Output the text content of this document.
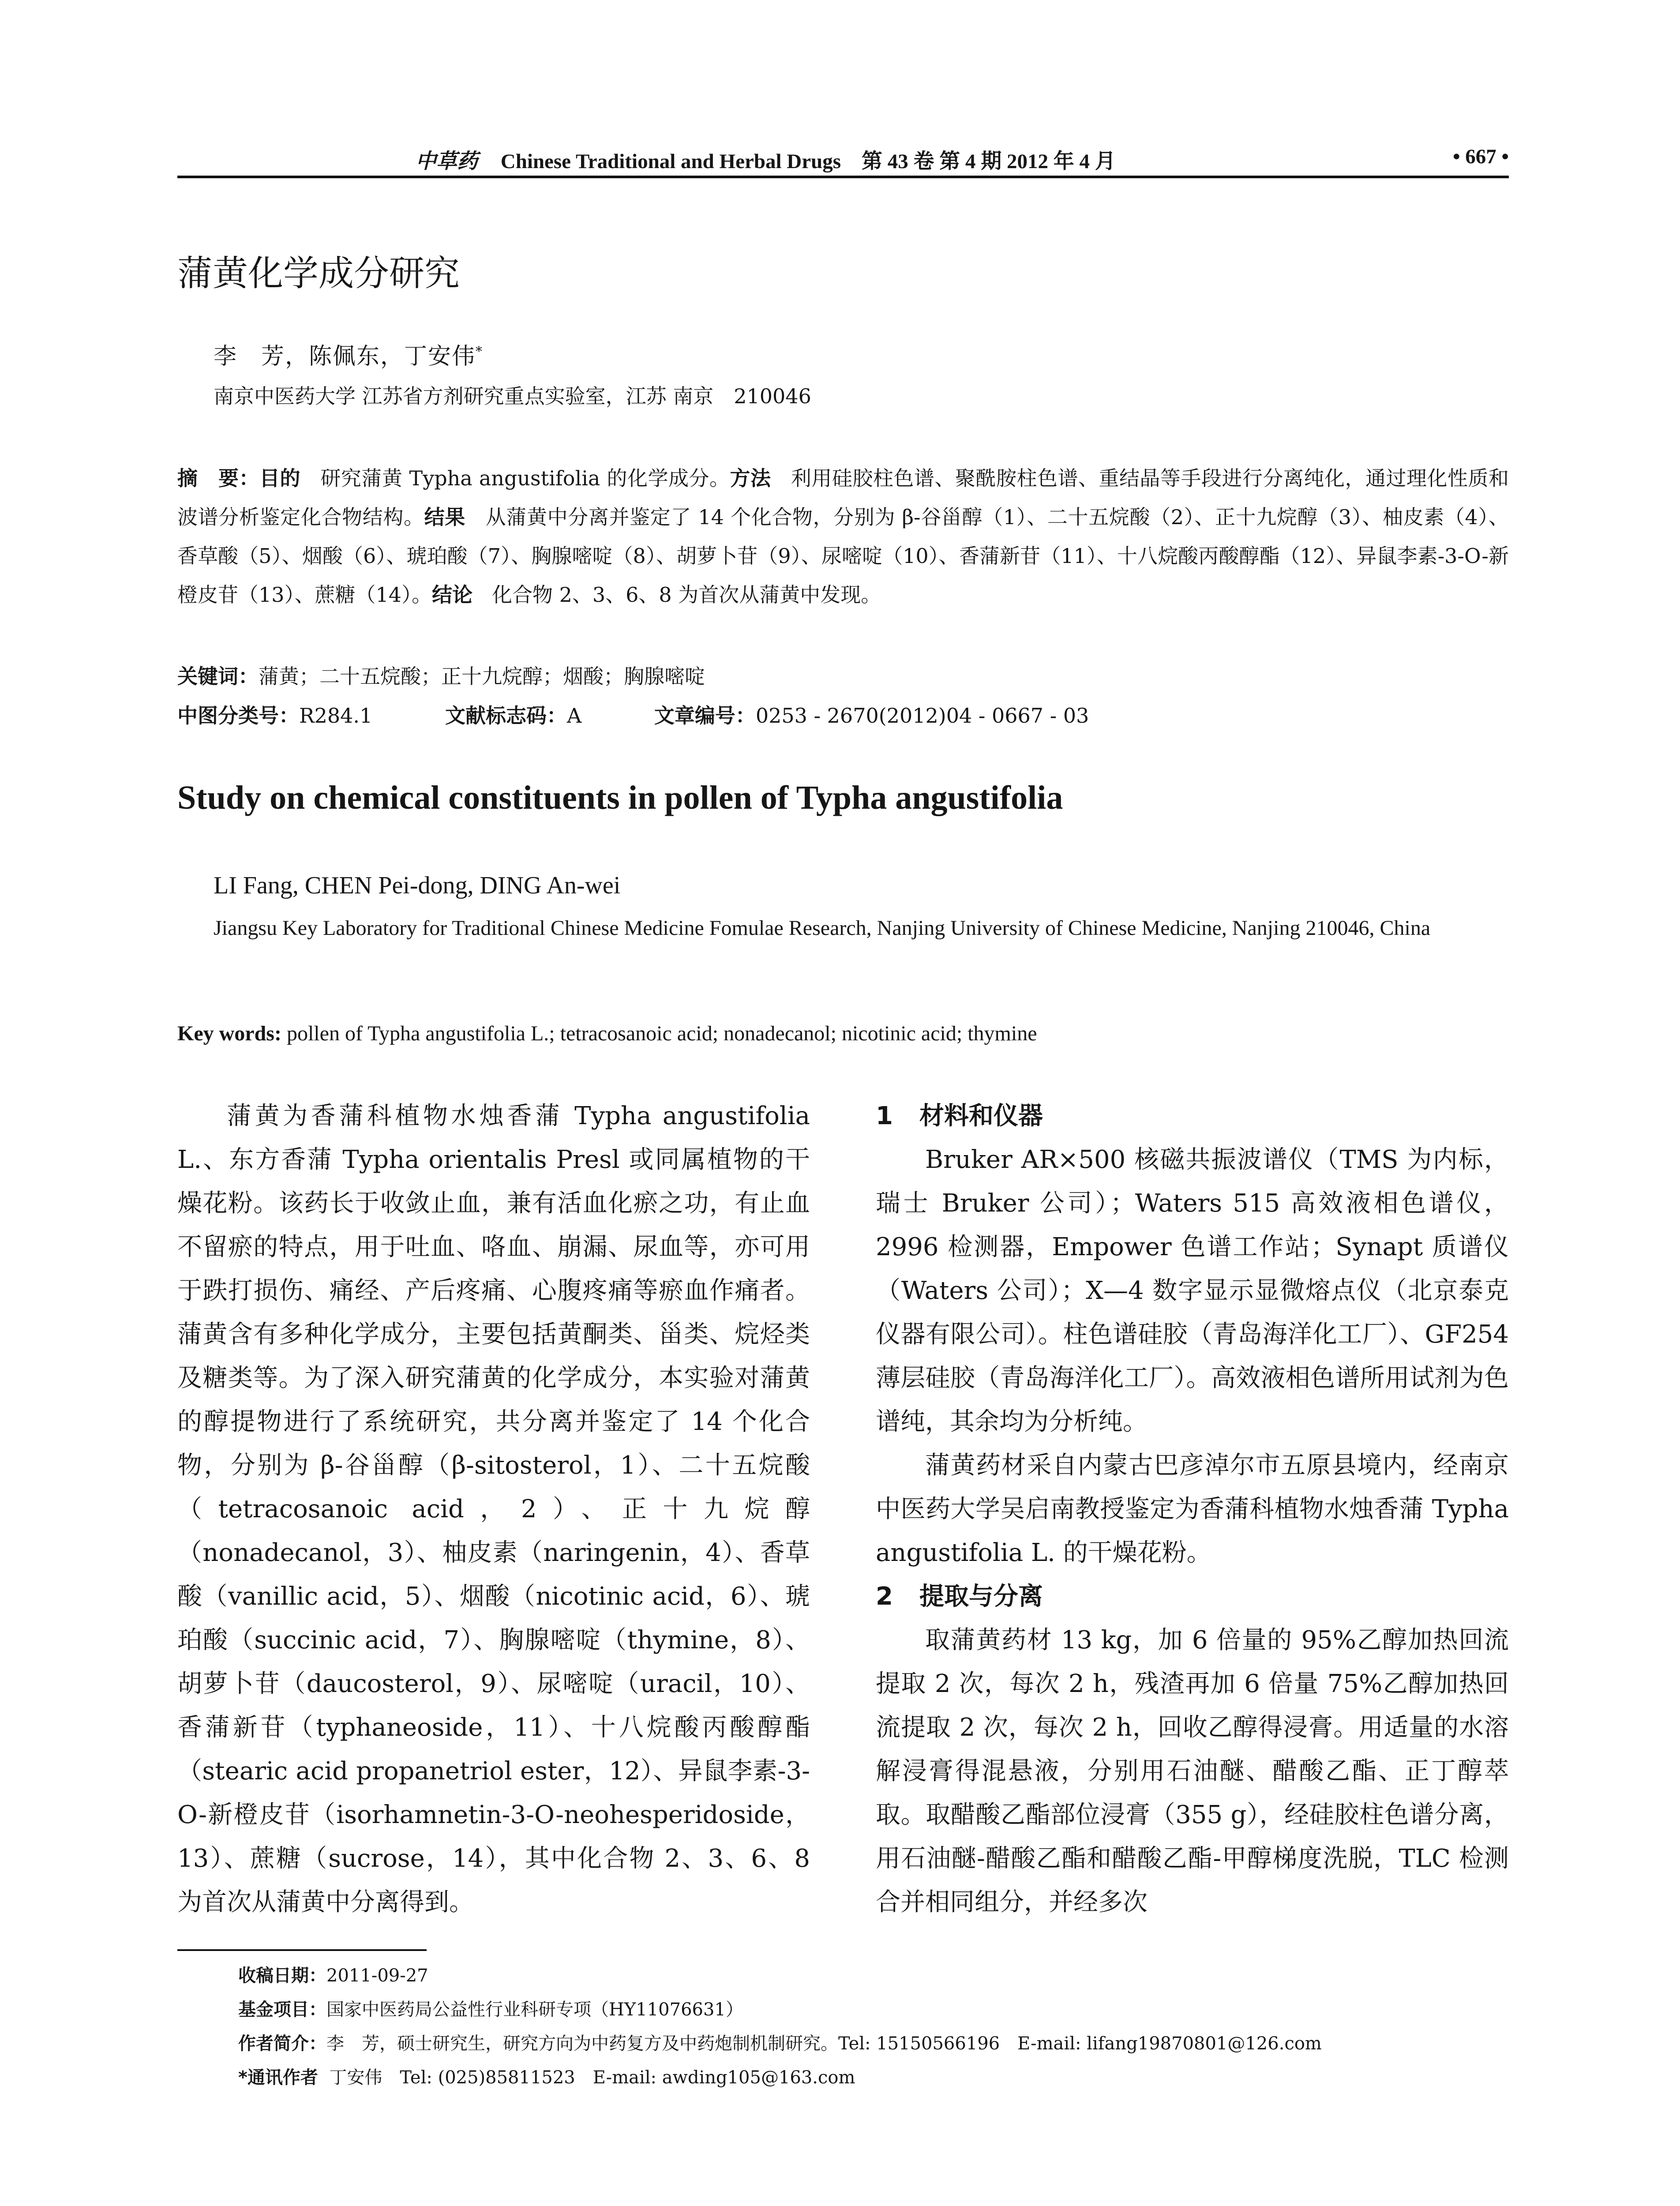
中草药 Chinese Traditional and Herbal Drugs 第 43 卷 第 4 期 2012 年 4 月	• 667 •
蒲黄化学成分研究
李　芳，陈佩东，丁安伟*
南京中医药大学 江苏省方剂研究重点实验室，江苏 南京　210046
摘　要：目的 研究蒲黄 Typha angustifolia 的化学成分。方法 利用硅胶柱色谱、聚酰胺柱色谱、重结晶等手段进行分离纯化，通过理化性质和波谱分析鉴定化合物结构。结果 从蒲黄中分离并鉴定了 14 个化合物，分别为 β-谷甾醇（1）、二十五烷酸（2）、正十九烷醇（3）、柚皮素（4）、香草酸（5）、烟酸（6）、琥珀酸（7）、胸腺嘧啶（8）、胡萝卜苷（9）、尿嘧啶（10）、香蒲新苷（11）、十八烷酸丙酸醇酯（12）、异鼠李素-3-O-新橙皮苷（13）、蔗糖（14）。结论 化合物 2、3、6、8 为首次从蒲黄中发现。
关键词：蒲黄；二十五烷酸；正十九烷醇；烟酸；胸腺嘧啶
中图分类号：R284.1	文献标志码：A	文章编号：0253 - 2670(2012)04 - 0667 - 03
Study on chemical constituents in pollen of Typha angustifolia
LI Fang, CHEN Pei-dong, DING An-wei
Jiangsu Key Laboratory for Traditional Chinese Medicine Fomulae Research, Nanjing University of Chinese Medicine, Nanjing 210046, China
Key words: pollen of Typha angustifolia L.; tetracosanoic acid; nonadecanol; nicotinic acid; thymine

蒲黄为香蒲科植物水烛香蒲 Typha angustifolia L.、东方香蒲 Typha orientalis Presl 或同属植物的干燥花粉。该药长于收敛止血，兼有活血化瘀之功，有止血不留瘀的特点，用于吐血、咯血、崩漏、尿血等，亦可用于跌打损伤、痛经、产后疼痛、心腹疼痛等瘀血作痛者。蒲黄含有多种化学成分，主要包括黄酮类、甾类、烷烃类及糖类等。为了深入研究蒲黄的化学成分，本实验对蒲黄的醇提物进行了系统研究，共分离并鉴定了 14 个化合物，分别为 β-谷甾醇（β-sitosterol，1）、二十五烷酸（tetracosanoic acid，2）、正十九烷醇（nonadecanol，3）、柚皮素（naringenin，4）、香草酸（vanillic acid，5）、烟酸（nicotinic acid，6）、琥珀酸（succinic acid，7）、胸腺嘧啶（thymine，8）、胡萝卜苷（daucosterol，9）、尿嘧啶（uracil，10）、香蒲新苷（typhaneoside，11）、十八烷酸丙酸醇酯（stearic acid propanetriol ester，12）、异鼠李素-3-O-新橙皮苷（isorhamnetin-3-O-neohesperidoside，13）、蔗糖（sucrose，14），其中化合物 2、3、6、8 为首次从蒲黄中分离得到。

1 材料和仪器

Bruker AR×500 核磁共振波谱仪（TMS 为内标，瑞士 Bruker 公司）；Waters 515 高效液相色谱仪，2996 检测器，Empower 色谱工作站；Synapt 质谱仪（Waters 公司）；X—4 数字显示显微熔点仪（北京泰克仪器有限公司）。柱色谱硅胶（青岛海洋化工厂）、GF254 薄层硅胶（青岛海洋化工厂）。高效液相色谱所用试剂为色谱纯，其余均为分析纯。

蒲黄药材采自内蒙古巴彦淖尔市五原县境内，经南京中医药大学吴启南教授鉴定为香蒲科植物水烛香蒲 Typha angustifolia L. 的干燥花粉。

2 提取与分离

取蒲黄药材 13 kg，加 6 倍量的 95%乙醇加热回流提取 2 次，每次 2 h，残渣再加 6 倍量 75%乙醇加热回流提取 2 次，每次 2 h，回收乙醇得浸膏。用适量的水溶解浸膏得混悬液，分别用石油醚、醋酸乙酯、正丁醇萃取。取醋酸乙酯部位浸膏（355 g），经硅胶柱色谱分离，用石油醚-醋酸乙酯和醋酸乙酯-甲醇梯度洗脱，TLC 检测合并相同组分，并经多次

收稿日期：2011-09-27
基金项目：国家中医药局公益性行业科研专项（HY11076631）
作者简介：李　芳，硕士研究生，研究方向为中药复方及中药炮制机制研究。Tel: 15150566196　E-mail: lifang19870801@126.com
*通讯作者 丁安伟　Tel: (025)85811523　E-mail: awding105@163.com
